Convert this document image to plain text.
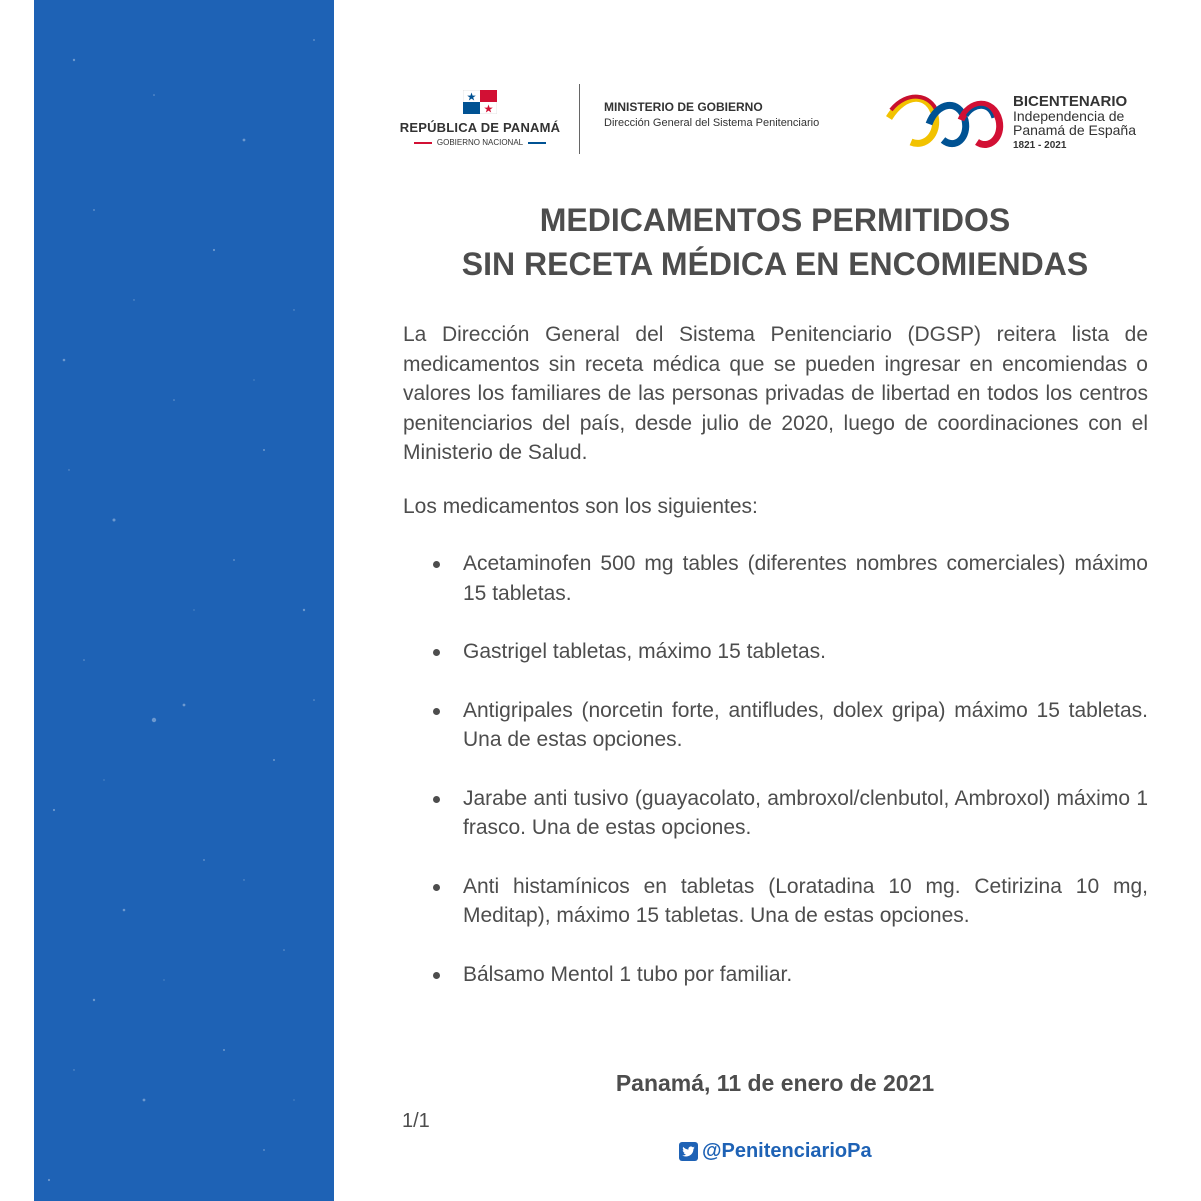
REPÚBLICA DE PANAMÁ
GOBIERNO NACIONAL
MINISTERIO DE GOBIERNO
Dirección General del Sistema Penitenciario
BICENTENARIO
Independencia de
Panamá de España
1821 - 2021
MEDICAMENTOS PERMITIDOS
SIN RECETA MÉDICA EN ENCOMIENDAS

La Dirección General del Sistema Penitenciario (DGSP) reitera lista de medicamentos sin receta médica que se pueden ingresar en encomiendas o valores los familiares de las personas privadas de libertad en todos los centros penitenciarios del país, desde julio de 2020, luego de coordinaciones con el Ministerio de Salud.

Los medicamentos son los siguientes:

Acetaminofen 500 mg tables (diferentes nombres comerciales) máximo 15 tabletas.
Gastrigel tabletas, máximo 15 tabletas.
Antigripales (norcetin forte, antifludes, dolex gripa) máximo 15 tabletas. Una de estas opciones.
Jarabe anti tusivo (guayacolato, ambroxol/clenbutol, Ambroxol) máximo 1 frasco. Una de estas opciones.
Anti histamínicos en tabletas (Loratadina 10 mg. Cetirizina 10 mg, Meditap), máximo 15 tabletas. Una de estas opciones.
Bálsamo Mentol 1 tubo por familiar.
Panamá, 11 de enero de 2021
1/1
@PenitenciarioPa
